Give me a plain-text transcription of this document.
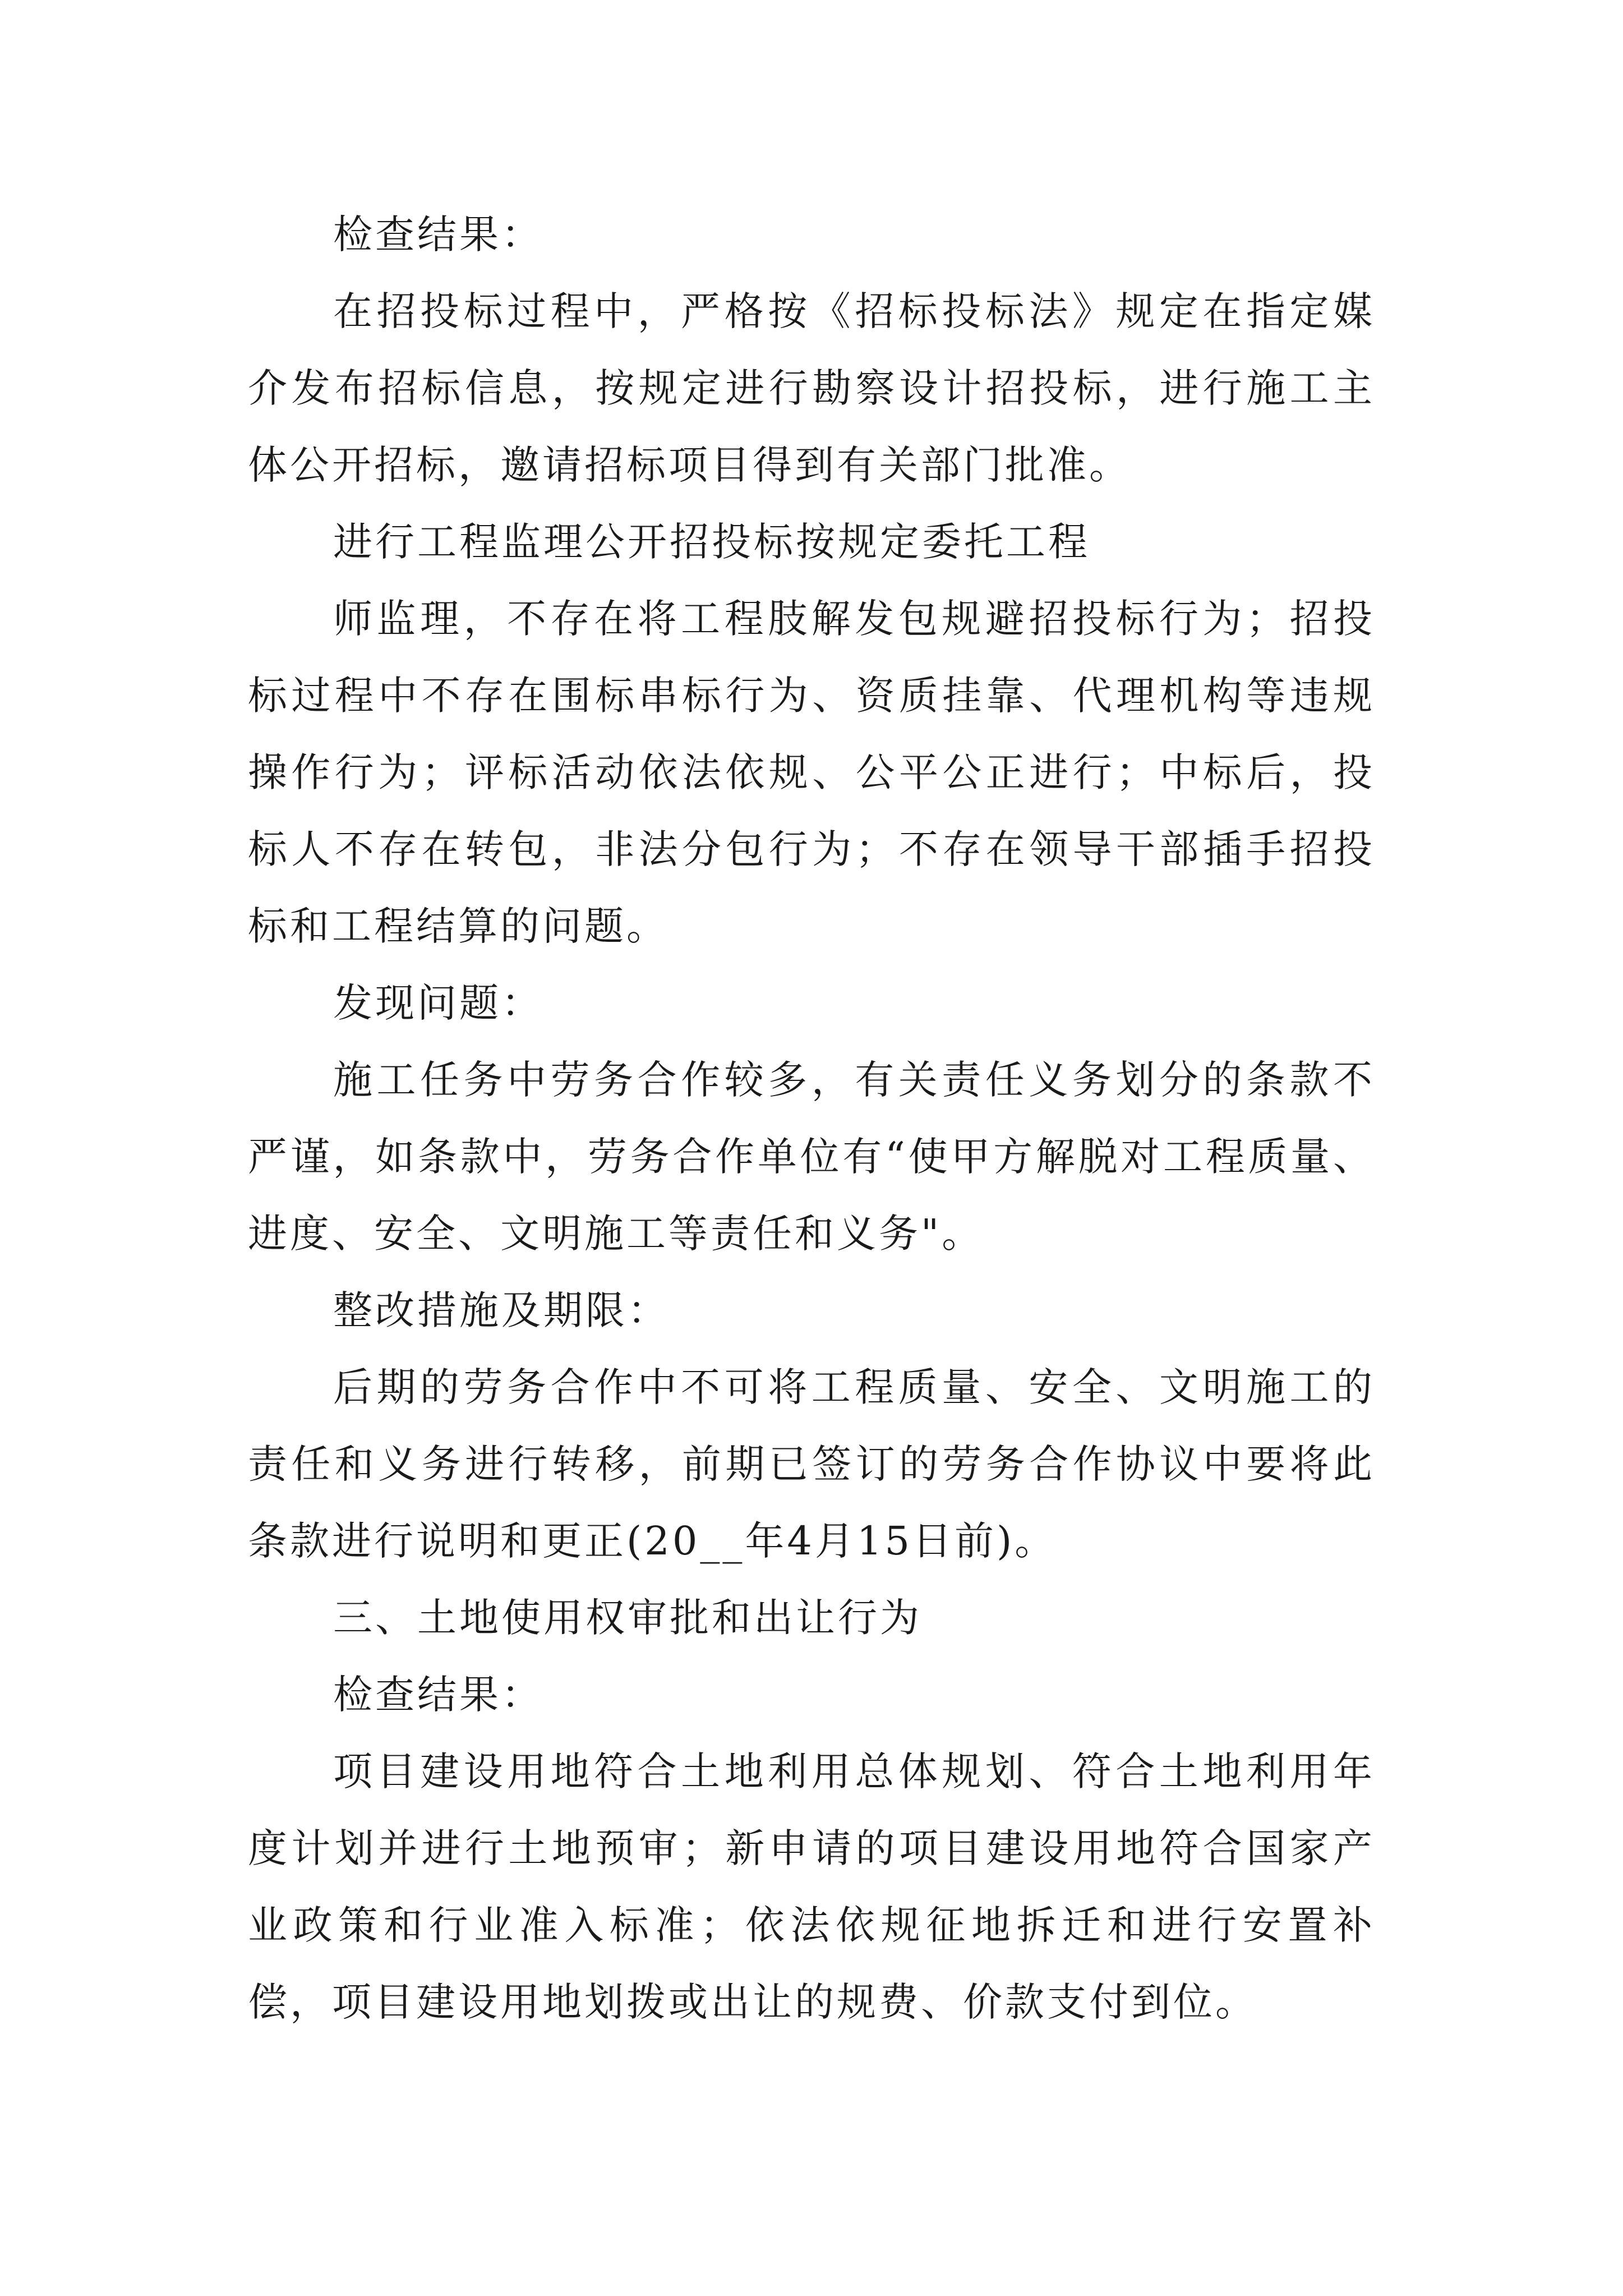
检查结果：

在招投标过程中，严格按《招标投标法》规定在指定媒介发布招标信息，按规定进行勘察设计招投标，进行施工主体公开招标，邀请招标项目得到有关部门批准。

进行工程监理公开招投标按规定委托工程

师监理，不存在将工程肢解发包规避招投标行为；招投标过程中不存在围标串标行为、资质挂靠、代理机构等违规操作行为；评标活动依法依规、公平公正进行；中标后，投标人不存在转包，非法分包行为；不存在领导干部插手招投标和工程结算的问题。

发现问题：

施工任务中劳务合作较多，有关责任义务划分的条款不严谨，如条款中，劳务合作单位有“使甲方解脱对工程质量、进度、安全、文明施工等责任和义务"。

整改措施及期限：

后期的劳务合作中不可将工程质量、安全、文明施工的责任和义务进行转移，前期已签订的劳务合作协议中要将此条款进行说明和更正(20__年4月15日前)。

三、土地使用权审批和出让行为

检查结果：

项目建设用地符合土地利用总体规划、符合土地利用年度计划并进行土地预审；新申请的项目建设用地符合国家产业政策和行业准入标准；依法依规征地拆迁和进行安置补偿，项目建设用地划拨或出让的规费、价款支付到位。
